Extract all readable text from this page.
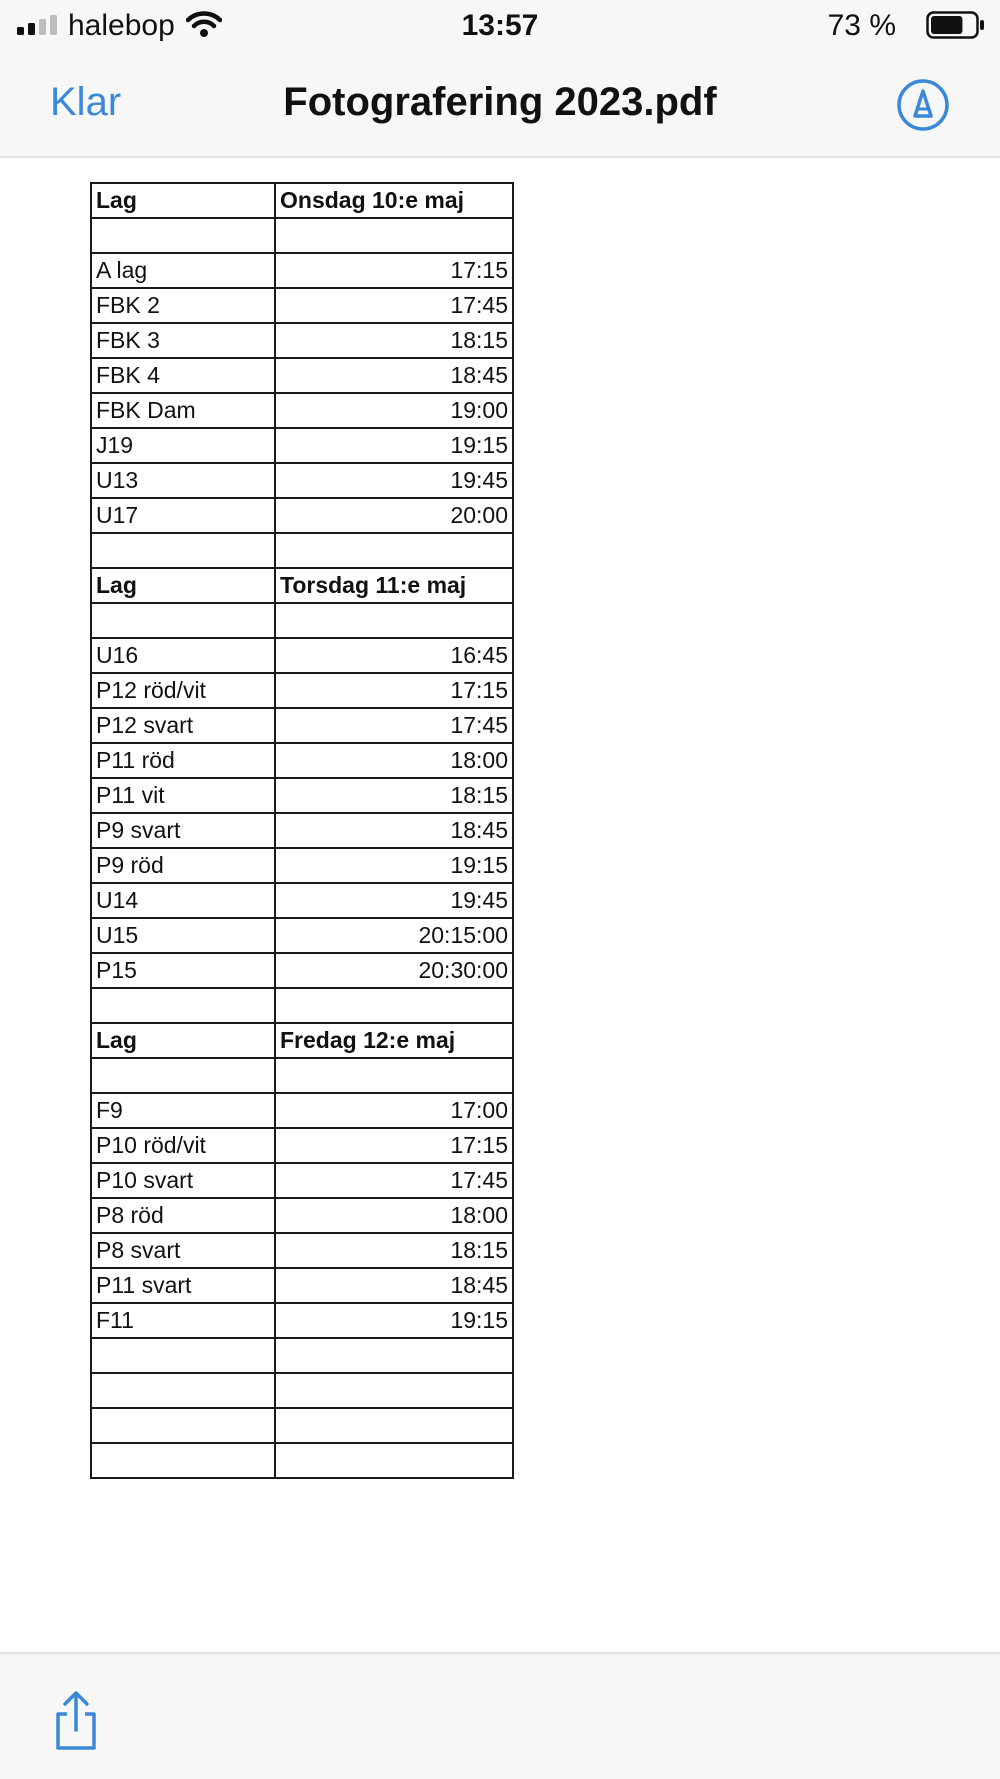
halebop	13:57	73 %
Klar	Fotografering 2023.pdf
Lag	Onsdag 10:e maj

A lag	17:15
FBK 2	17:45
FBK 3	18:15
FBK 4	18:45
FBK Dam	19:00
J19	19:15
U13	19:45
U17	20:00

Lag	Torsdag 11:e maj

U16	16:45
P12 röd/vit	17:15
P12 svart	17:45
P11 röd	18:00
P11 vit	18:15
P9 svart	18:45
P9 röd	19:15
U14	19:45
U15	20:15:00
P15	20:30:00

Lag	Fredag 12:e maj

F9	17:00
P10 röd/vit	17:15
P10 svart	17:45
P8 röd	18:00
P8 svart	18:15
P11 svart	18:45
F11	19:15
